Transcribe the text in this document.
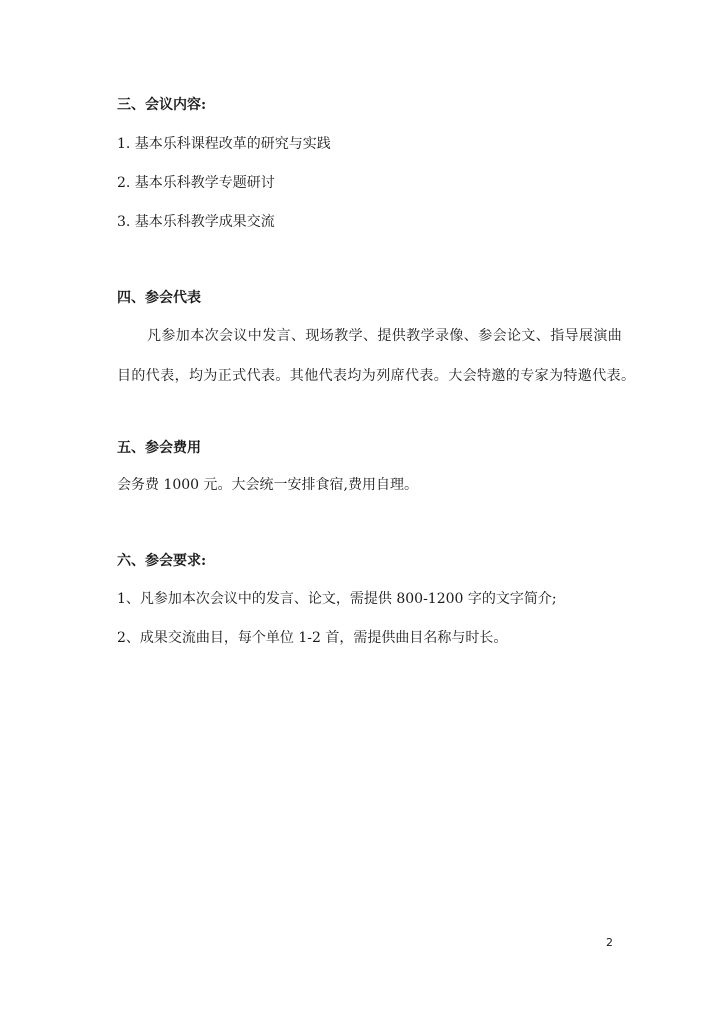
三、会议内容:
1. 基本乐科课程改革的研究与实践
2. 基本乐科教学专题研讨
3. 基本乐科教学成果交流
四、参会代表
凡参加本次会议中发言、现场教学、提供教学录像、参会论文、指导展演曲
目的代表，均为正式代表。其他代表均为列席代表。大会特邀的专家为特邀代表。
五、参会费用
会务费 1000 元。大会统一安排食宿,费用自理。
六、参会要求:
1、凡参加本次会议中的发言、论文，需提供 800-1200 字的文字简介;
2、成果交流曲目，每个单位 1-2 首，需提供曲目名称与时长。
2
